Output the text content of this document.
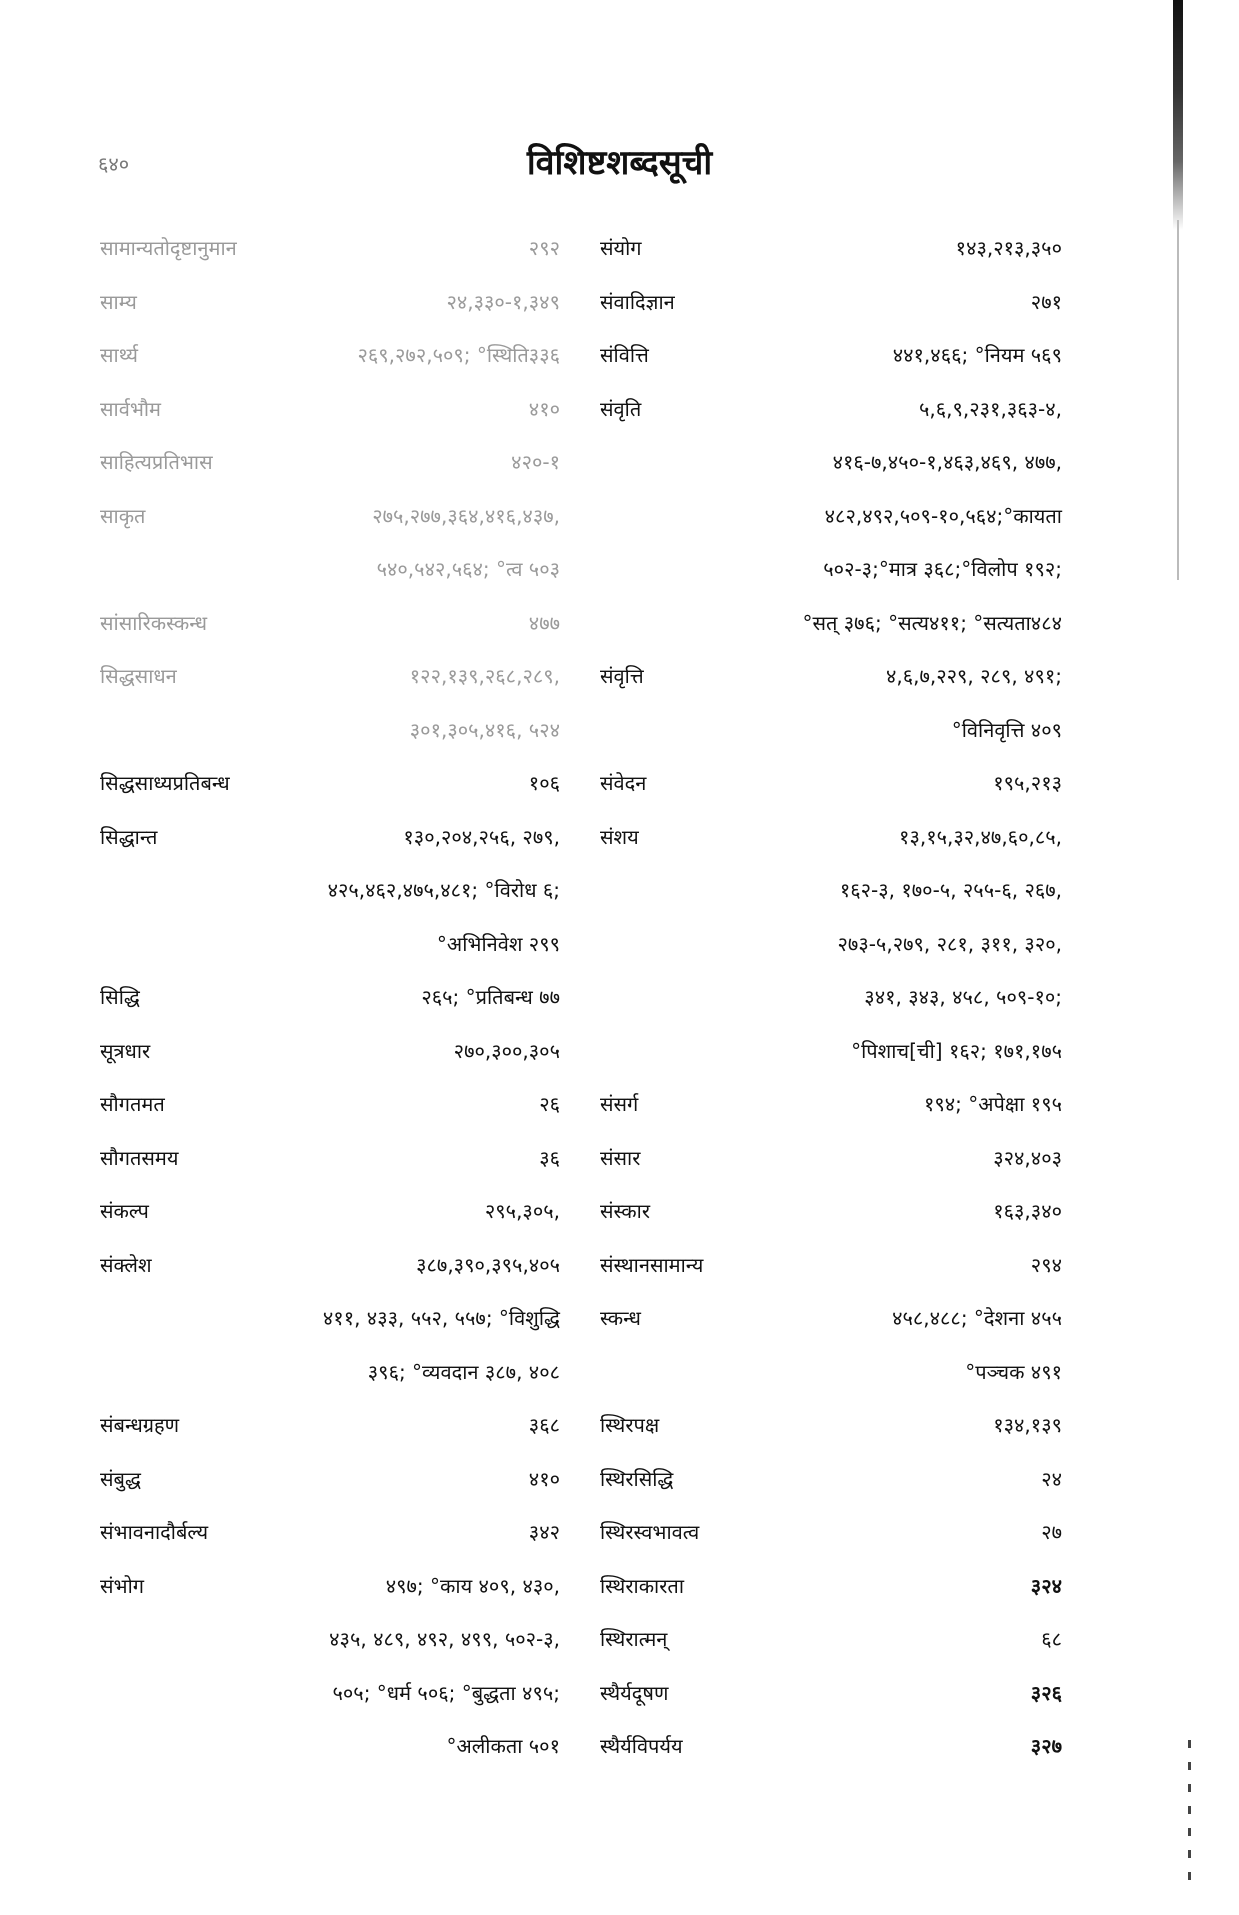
६४०	विशिष्टशब्दसूची
सामान्यतोदृष्टानुमान	२९२
साम्य	२४,३३०-१,३४९
सार्थ्य	२६९,२७२,५०९; °स्थिति३३६
सार्वभौम	४१०
साहित्यप्रतिभास	४२०-१
साकृत	२७५,२७७,३६४,४१६,४३७,
५४०,५४२,५६४; °त्व ५०३
सांसारिकस्कन्ध	४७७
सिद्धसाधन	१२२,१३९,२६८,२८९,
३०१,३०५,४१६, ५२४
सिद्धसाध्यप्रतिबन्ध	१०६
सिद्धान्त	१३०,२०४,२५६, २७९,
४२५,४६२,४७५,४८१; °विरोध ६;
°अभिनिवेश २९९
सिद्धि	२६५; °प्रतिबन्ध ७७
सूत्रधार	२७०,३००,३०५
सौगतमत	२६
सौगतसमय	३६
संकल्प	२९५,३०५,
संक्लेश	३८७,३९०,३९५,४०५
४११, ४३३, ५५२, ५५७; °विशुद्धि
३९६; °व्यवदान ३८७, ४०८
संबन्धग्रहण	३६८
संबुद्ध	४१०
संभावनादौर्बल्य	३४२
संभोग	४९७; °काय ४०९, ४३०,
४३५, ४८९, ४९२, ४९९, ५०२-३,
५०५; °धर्म ५०६; °बुद्धता ४९५;
°अलीकता ५०१
संयोग	१४३,२१३,३५०
संवादिज्ञान	२७१
संवित्ति	४४१,४६६; °नियम ५६९
संवृति	५,६,९,२३१,३६३-४,
४१६-७,४५०-१,४६३,४६९, ४७७,
४८२,४९२,५०९-१०,५६४;°कायता
५०२-३;°मात्र ३६८;°विलोप १९२;
°सत् ३७६; °सत्य४११; °सत्यता४८४
संवृत्ति	४,६,७,२२९, २८९, ४९१;
°विनिवृत्ति ४०९
संवेदन	१९५,२१३
संशय	१३,१५,३२,४७,६०,८५,
१६२-३, १७०-५, २५५-६, २६७,
२७३-५,२७९, २८१, ३११, ३२०,
३४१, ३४३, ४५८, ५०९-१०;
°पिशाच[ची] १६२; १७१,१७५
संसर्ग	१९४; °अपेक्षा १९५
संसार	३२४,४०३
संस्कार	१६३,३४०
संस्थानसामान्य	२९४
स्कन्ध	४५८,४८८; °देशना ४५५
°पञ्चक ४९१
स्थिरपक्ष	१३४,१३९
स्थिरसिद्धि	२४
स्थिरस्वभावत्व	२७
स्थिराकारता	३२४
स्थिरात्मन्	६८
स्थैर्यदूषण	३२६
स्थैर्यविपर्यय	३२७
